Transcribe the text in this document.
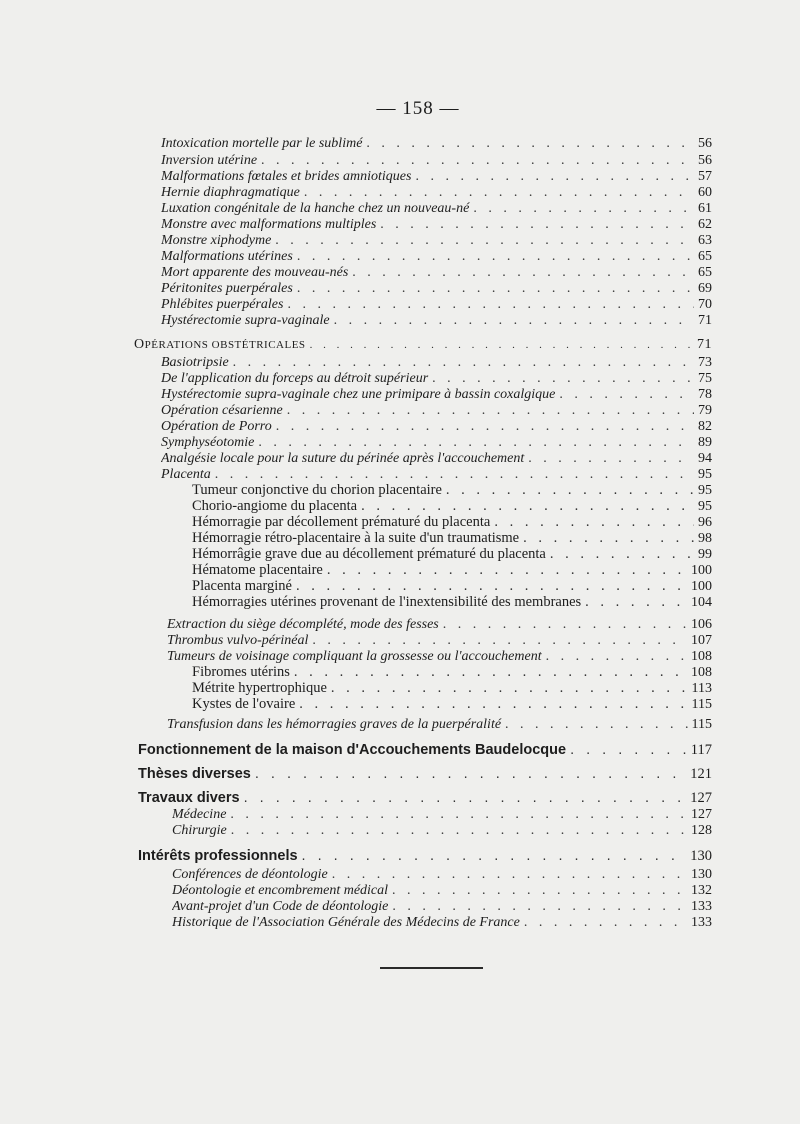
— 158 —
Intoxication mortelle par le sublimé . . .	56
Inversion utérine . . .	56
Malformations fœtales et brides amniotiques . . .	57
Hernie diaphragmatique . . .	60
Luxation congénitale de la hanche chez un nouveau-né . . .	61
Monstre avec malformations multiples . . .	62
Monstre xiphodyme . . .	63
Malformations utérines . . .	65
Mort apparente des mouveau-nés . . .	65
Péritonites puerpérales . . .	69
Phlébites puerpérales . . .	70
Hystérectomie supra-vaginale . . .	71
OPÉRATIONS OBSTÉTRICALES . . .	71
Basiotripsie . . .	73
De l'application du forceps au détroit supérieur . . .	75
Hystérectomie supra-vaginale chez une primipare à bassin coxalgique . . .	78
Opération césarienne . . .	79
Opération de Porro . . .	82
Symphyséotomie . . .	89
Analgésie locale pour la suture du périnée après l'accouchement . . .	94
Placenta . . .	95
Tumeur conjonctive du chorion placentaire . . .	95
Chorio-angiome du placenta . . .	95
Hémorragie par décollement prématuré du placenta . . .	96
Hémorragie rétro-placentaire à la suite d'un traumatisme . . .	98
Hémorrâgie grave due au décollement prématuré du placenta . . .	99
Hématome placentaire . . .	100
Placenta marginé . . .	100
Hémorragies utérines provenant de l'inextensibilité des membranes . . .	104
Extraction du siège décomplété, mode des fesses . . .	106
Thrombus vulvo-périnéal . . .	107
Tumeurs de voisinage compliquant la grossesse ou l'accouchement . . .	108
Fibromes utérins . . .	108
Métrite hypertrophique . . .	113
Kystes de l'ovaire . . .	115
Transfusion dans les hémorragies graves de la puerpéralité . . .	115
Fonctionnement de la maison d'Accouchements Baudelocque . . .	117
Thèses diverses . . .	121
Travaux divers . . .	127
Médecine . . .	127
Chirurgie . . .	128
Intérêts professionnels . . .	130
Conférences de déontologie . . .	130
Déontologie et encombrement médical . . .	132
Avant-projet d'un Code de déontologie . . .	133
Historique de l'Association Générale des Médecins de France . . .	133
